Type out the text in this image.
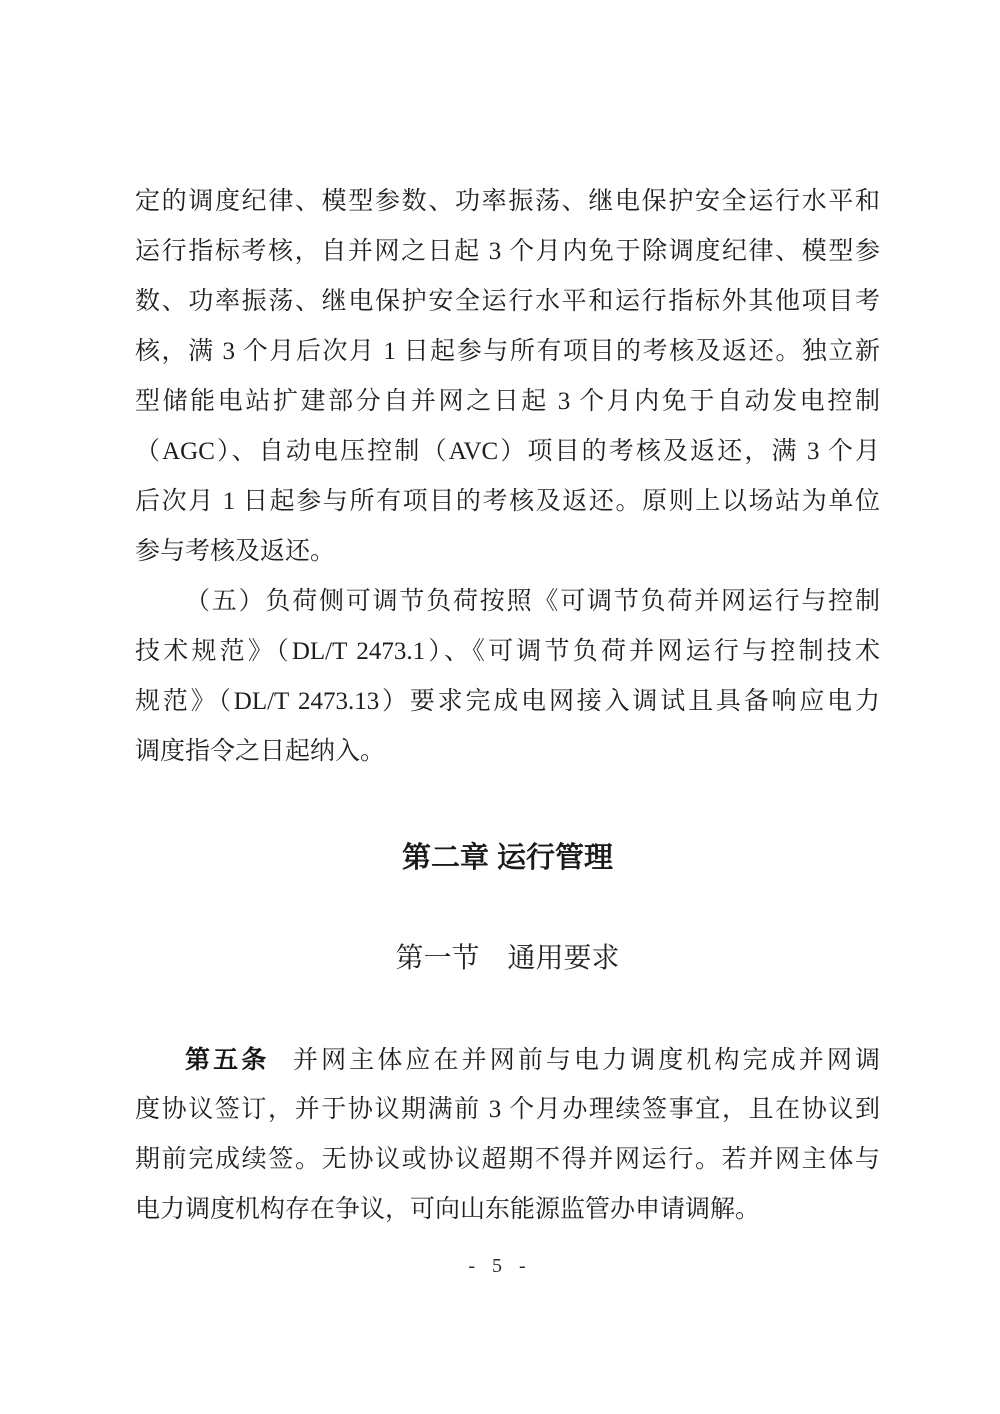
定的调度纪律、模型参数、功率振荡、继电保护安全运行水平和
运行指标考核，自并网之日起 3 个月内免于除调度纪律、模型参
数、功率振荡、继电保护安全运行水平和运行指标外其他项目考
核，满 3 个月后次月 1 日起参与所有项目的考核及返还。独立新
型储能电站扩建部分自并网之日起 3 个月内免于自动发电控制
（AGC）、自动电压控制（AVC）项目的考核及返还，满 3 个月
后次月 1 日起参与所有项目的考核及返还。原则上以场站为单位
参与考核及返还。
（五）负荷侧可调节负荷按照《可调节负荷并网运行与控制
技术规范》（DL/T 2473.1）、《可调节负荷并网运行与控制技术
规范》（DL/T 2473.13）要求完成电网接入调试且具备响应电力
调度指令之日起纳入。
第二章 运行管理
第一节 通用要求
第五条 并网主体应在并网前与电力调度机构完成并网调
度协议签订，并于协议期满前 3 个月办理续签事宜，且在协议到
期前完成续签。无协议或协议超期不得并网运行。若并网主体与
电力调度机构存在争议，可向山东能源监管办申请调解。
- 5 -
